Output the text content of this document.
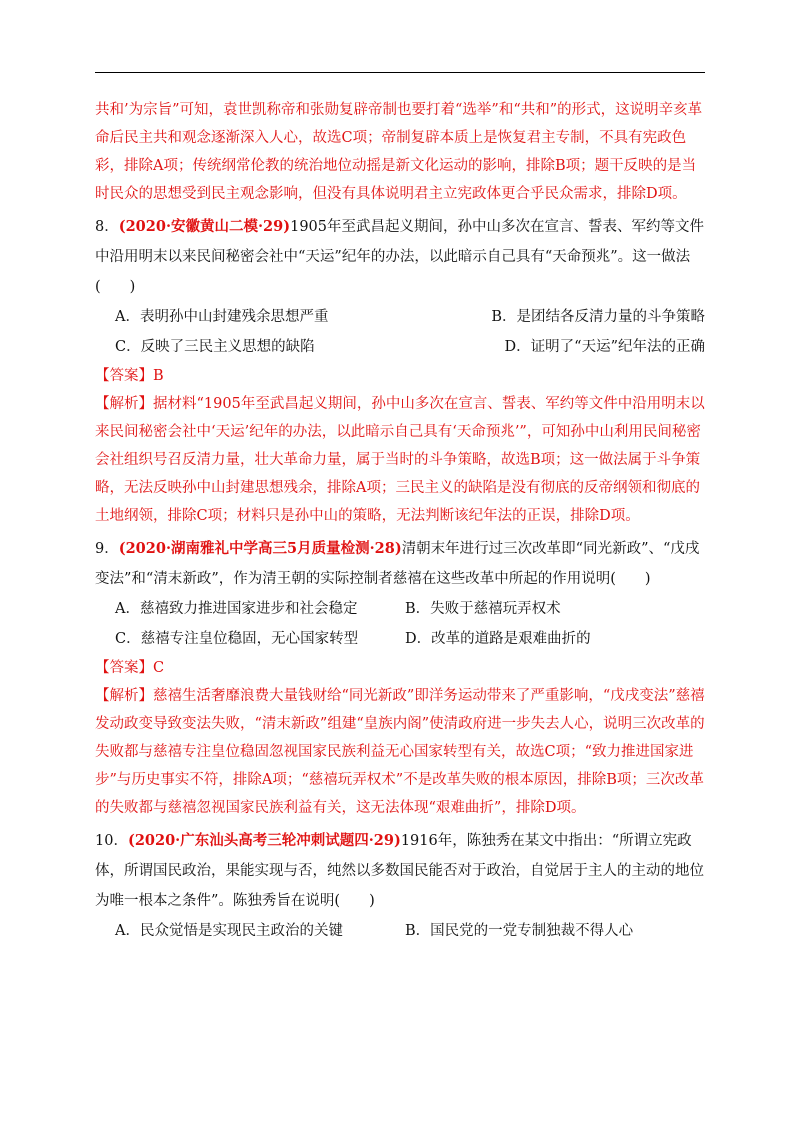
共和’为宗旨”可知，袁世凯称帝和张勋复辟帝制也要打着“选举”和“共和”的形式，这说明辛亥革命后民主共和观念逐渐深入人心，故选C项；帝制复辟本质上是恢复君主专制，不具有宪政色彩，排除A项；传统纲常伦教的统治地位动摇是新文化运动的影响，排除B项；题干反映的是当时民众的思想受到民主观念影响，但没有具体说明君主立宪政体更合乎民众需求，排除D项。

8．(2020·安徽黄山二模·29)1905年至武昌起义期间，孙中山多次在宣言、誓表、军约等文件中沿用明末以来民间秘密会社中“天运”纪年的办法，以此暗示自己具有“天命预兆”。这一做法(　　)

A．表明孙中山封建残余思想严重	B．是团结各反清力量的斗争策略
C．反映了三民主义思想的缺陷	D．证明了“天运”纪年法的正确

【答案】B

【解析】据材料“1905年至武昌起义期间，孙中山多次在宣言、誓表、军约等文件中沿用明末以来民间秘密会社中‘天运’纪年的办法，以此暗示自己具有‘天命预兆’”，可知孙中山利用民间秘密会社组织号召反清力量，壮大革命力量，属于当时的斗争策略，故选B项；这一做法属于斗争策略，无法反映孙中山封建思想残余，排除A项；三民主义的缺陷是没有彻底的反帝纲领和彻底的土地纲领，排除C项；材料只是孙中山的策略，无法判断该纪年法的正误，排除D项。

9．(2020·湖南雅礼中学高三5月质量检测·28)清朝末年进行过三次改革即“同光新政”、“戊戌变法”和“清末新政”，作为清王朝的实际控制者慈禧在这些改革中所起的作用说明(　　)

A．慈禧致力推进国家进步和社会稳定	B．失败于慈禧玩弄权术
C．慈禧专注皇位稳固，无心国家转型	D．改革的道路是艰难曲折的

【答案】C

【解析】慈禧生活奢靡浪费大量钱财给“同光新政”即洋务运动带来了严重影响，“戊戌变法”慈禧发动政变导致变法失败，“清末新政”组建“皇族内阁”使清政府进一步失去人心，说明三次改革的失败都与慈禧专注皇位稳固忽视国家民族利益无心国家转型有关，故选C项；“致力推进国家进步”与历史事实不符，排除A项；“慈禧玩弄权术”不是改革失败的根本原因，排除B项；三次改革的失败都与慈禧忽视国家民族利益有关，这无法体现“艰难曲折”，排除D项。

10．(2020·广东汕头高考三轮冲刺试题四·29)1916年，陈独秀在某文中指出：“所谓立宪政体，所谓国民政治，果能实现与否，纯然以多数国民能否对于政治，自觉居于主人的主动的地位为唯一根本之条件”。陈独秀旨在说明(　　)

A．民众觉悟是实现民主政治的关键	B．国民党的一党专制独裁不得人心
